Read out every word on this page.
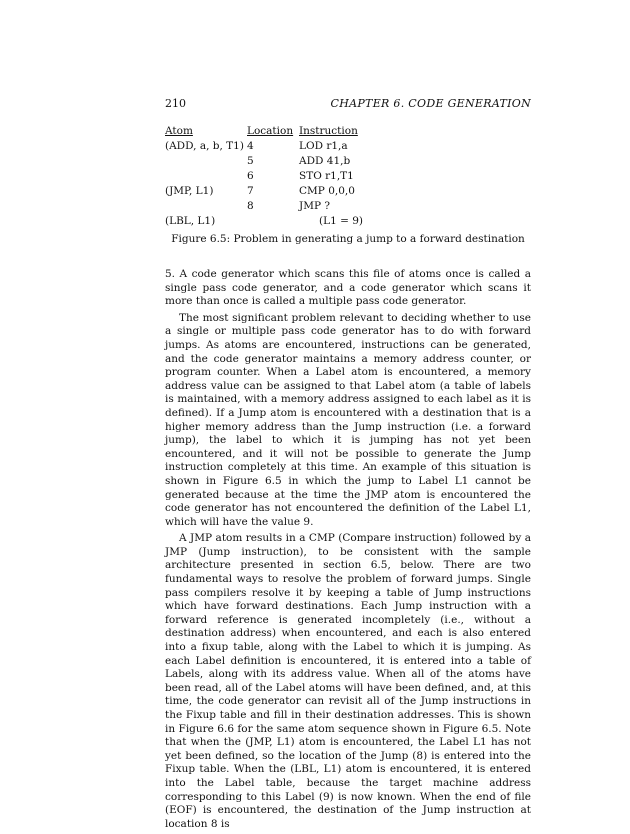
210	CHAPTER 6. CODE GENERATION
Atom	Location	Instruction
(ADD, a, b, T1)	4	LOD r1,a
	5	ADD 41,b
	6	STO r1,T1
(JMP, L1)	7	CMP 0,0,0
	8	JMP ?
(LBL, L1)		(L1 = 9)
Figure 6.5: Problem in generating a jump to a forward destination

5. A code generator which scans this file of atoms once is called a single pass code generator, and a code generator which scans it more than once is called a multiple pass code generator.

The most significant problem relevant to deciding whether to use a single or multiple pass code generator has to do with forward jumps. As atoms are encountered, instructions can be generated, and the code generator maintains a memory address counter, or program counter. When a Label atom is encountered, a memory address value can be assigned to that Label atom (a table of labels is maintained, with a memory address assigned to each label as it is defined). If a Jump atom is encountered with a destination that is a higher memory address than the Jump instruction (i.e. a forward jump), the label to which it is jumping has not yet been encountered, and it will not be possible to generate the Jump instruction completely at this time. An example of this situation is shown in Figure 6.5 in which the jump to Label L1 cannot be generated because at the time the JMP atom is encountered the code generator has not encountered the definition of the Label L1, which will have the value 9.

A JMP atom results in a CMP (Compare instruction) followed by a JMP (Jump instruction), to be consistent with the sample architecture presented in section 6.5, below. There are two fundamental ways to resolve the problem of forward jumps. Single pass compilers resolve it by keeping a table of Jump instructions which have forward destinations. Each Jump instruction with a forward reference is generated incompletely (i.e., without a destination address) when encountered, and each is also entered into a fixup table, along with the Label to which it is jumping. As each Label definition is encountered, it is entered into a table of Labels, along with its address value. When all of the atoms have been read, all of the Label atoms will have been defined, and, at this time, the code generator can revisit all of the Jump instructions in the Fixup table and fill in their destination addresses. This is shown in Figure 6.6 for the same atom sequence shown in Figure 6.5. Note that when the (JMP, L1) atom is encountered, the Label L1 has not yet been defined, so the location of the Jump (8) is entered into the Fixup table. When the (LBL, L1) atom is encountered, it is entered into the Label table, because the target machine address corresponding to this Label (9) is now known. When the end of file (EOF) is encountered, the destination of the Jump instruction at location 8 is
